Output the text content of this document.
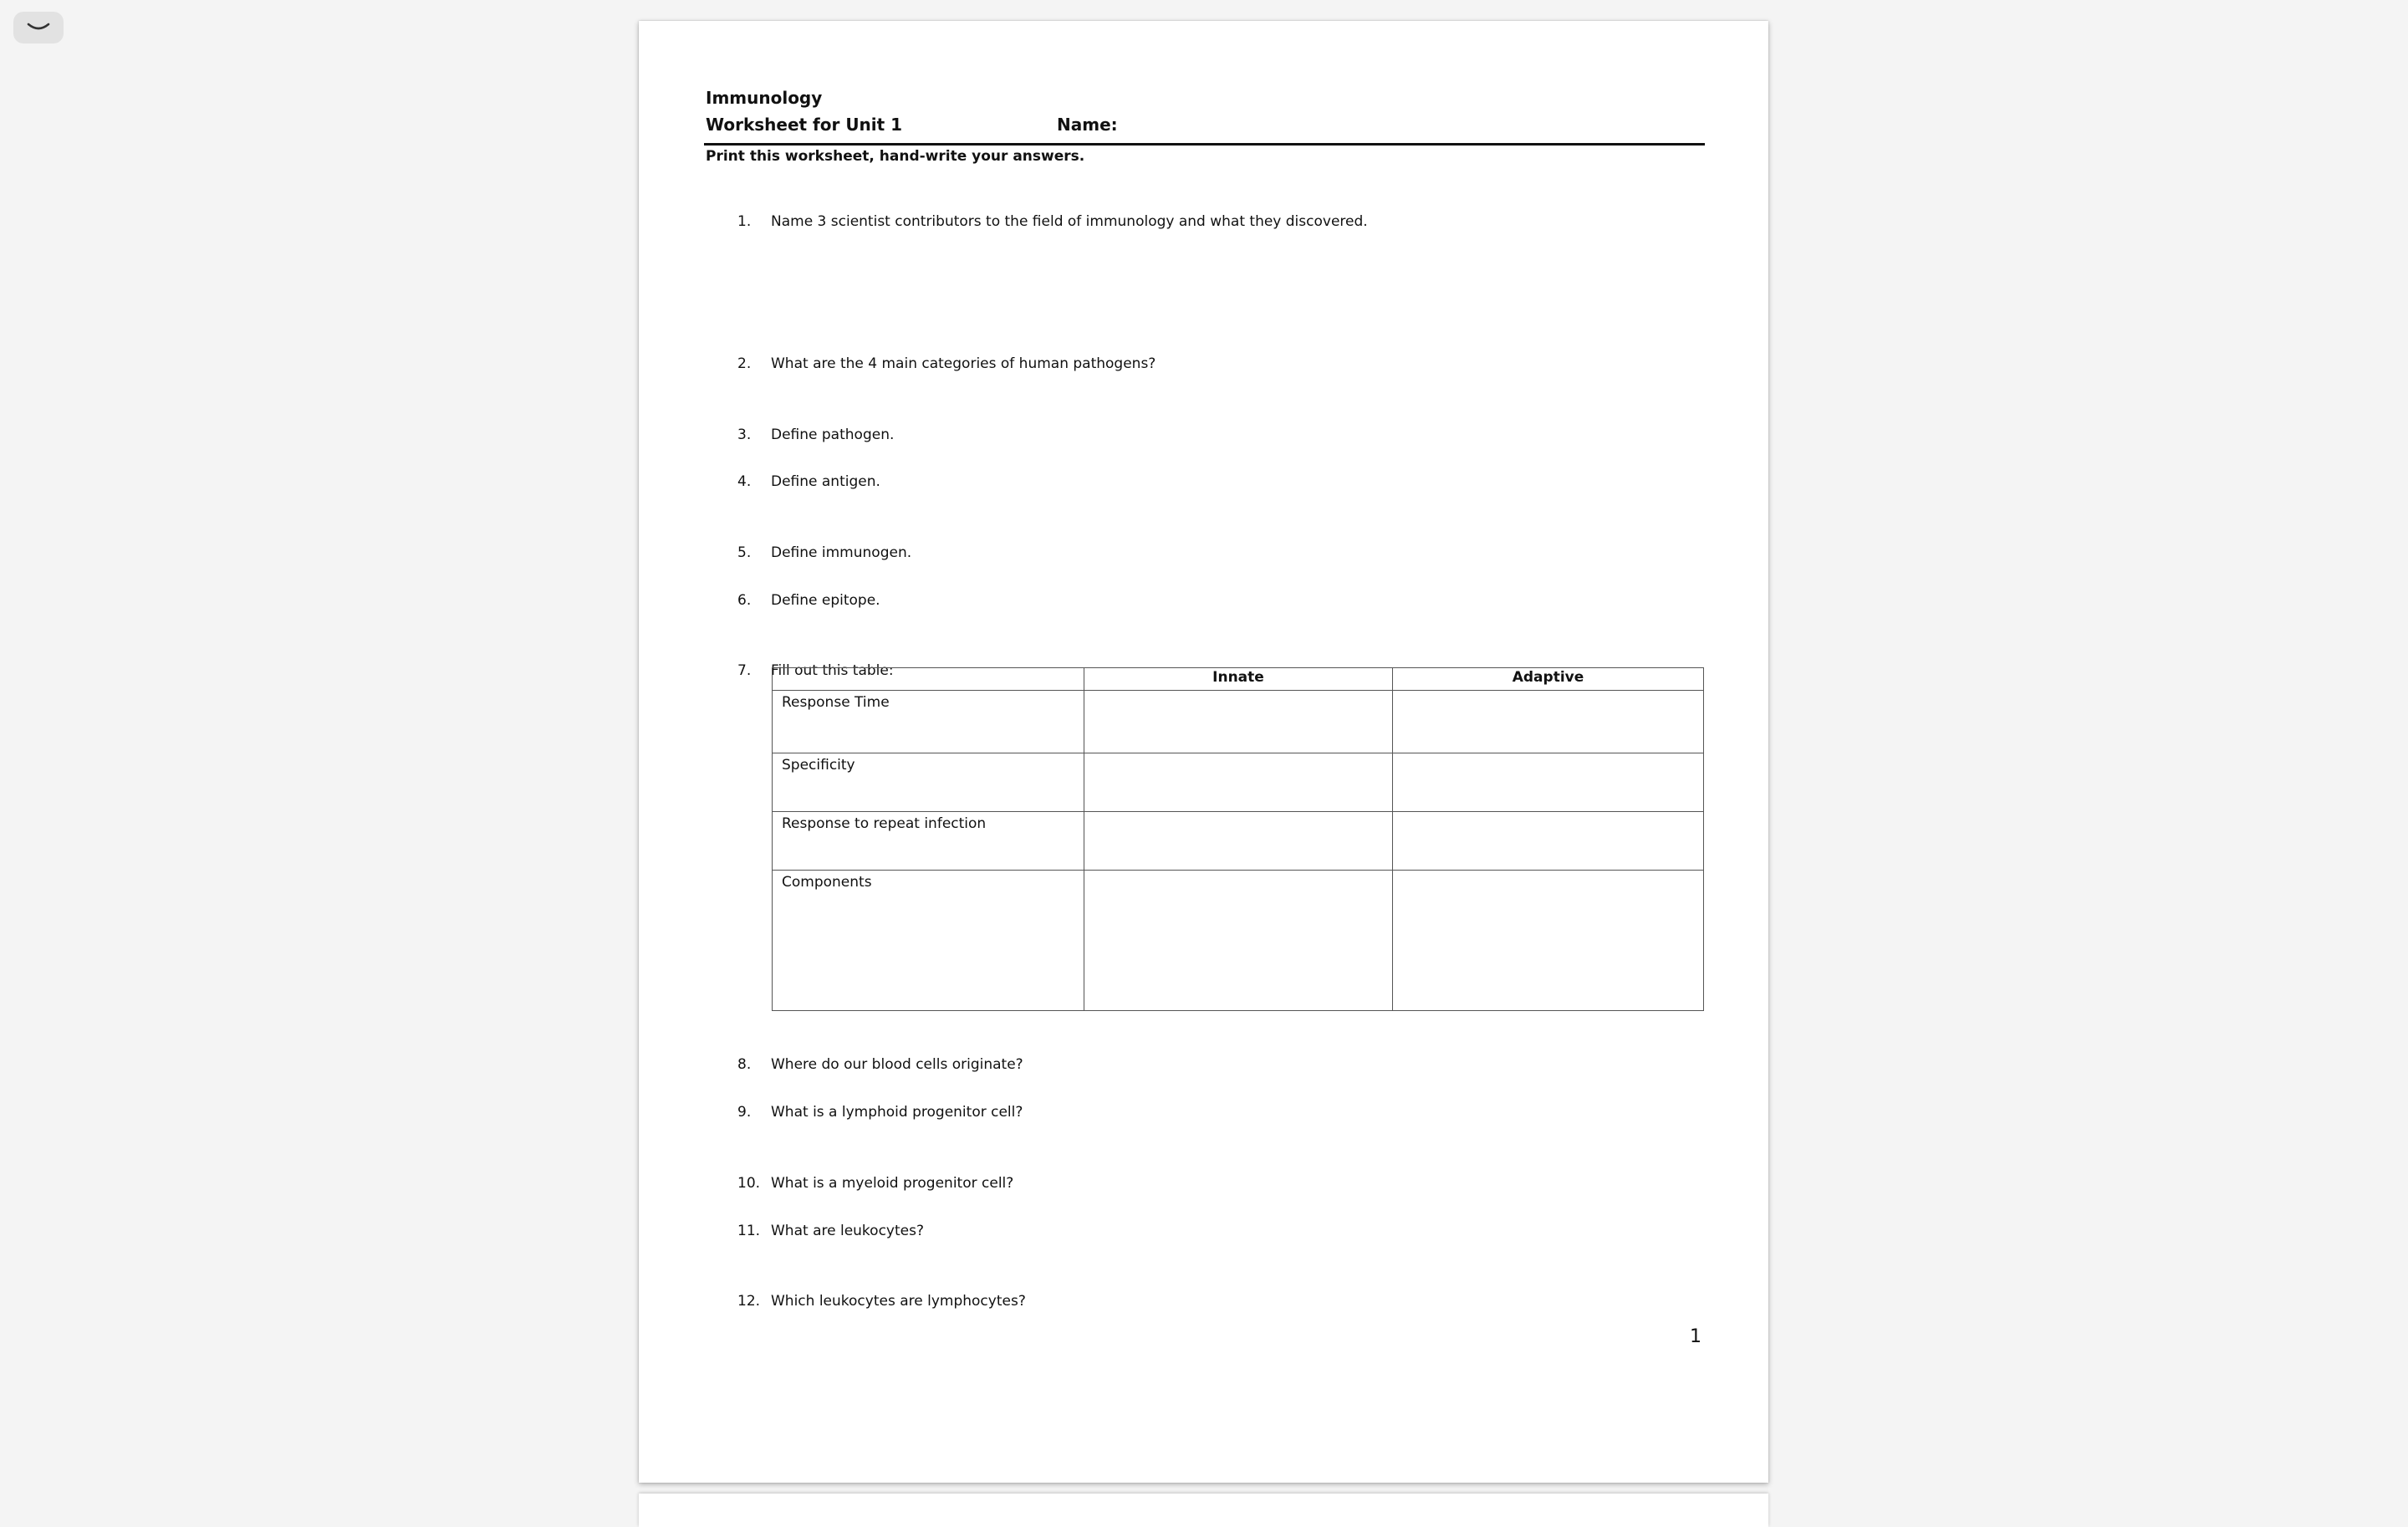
Immunology
Worksheet for Unit 1	Name:
Print this worksheet, hand-write your answers.
1. Name 3 scientist contributors to the field of immunology and what they discovered.
2. What are the 4 main categories of human pathogens?
3. Define pathogen.
4. Define antigen.
5. Define immunogen.
6. Define epitope.
7. Fill out this table:
		Innate	Adaptive
Response Time		
Specificity		
Response to repeat infection		
Components		
8. Where do our blood cells originate?
9. What is a lymphoid progenitor cell?
10. What is a myeloid progenitor cell?
11. What are leukocytes?
12. Which leukocytes are lymphocytes?
1
